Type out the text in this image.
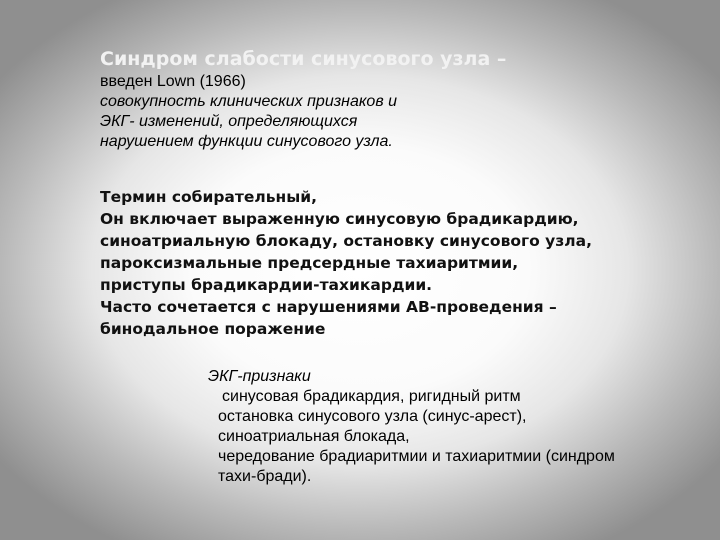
Синдром слабости синусового узла –
введен Lown (1966)
совокупность клинических признаков и
ЭКГ- изменений, определяющихся
нарушением функции синусового узла.
Термин собирательный,
Он включает выраженную синусовую брадикардию,
синоатриальную блокаду, остановку синусового узла,
пароксизмальные предсердные тахиаритмии,
приступы брадикардии-тахикардии.
Часто сочетается с нарушениями АВ-проведения –
бинодальное поражение
ЭКГ-признаки
синусовая брадикардия, ригидный ритм
остановка синусового узла (синус-арест),
синоатриальная блокада,
чередование брадиаритмии и тахиаритмии (синдром
тахи-бради).
